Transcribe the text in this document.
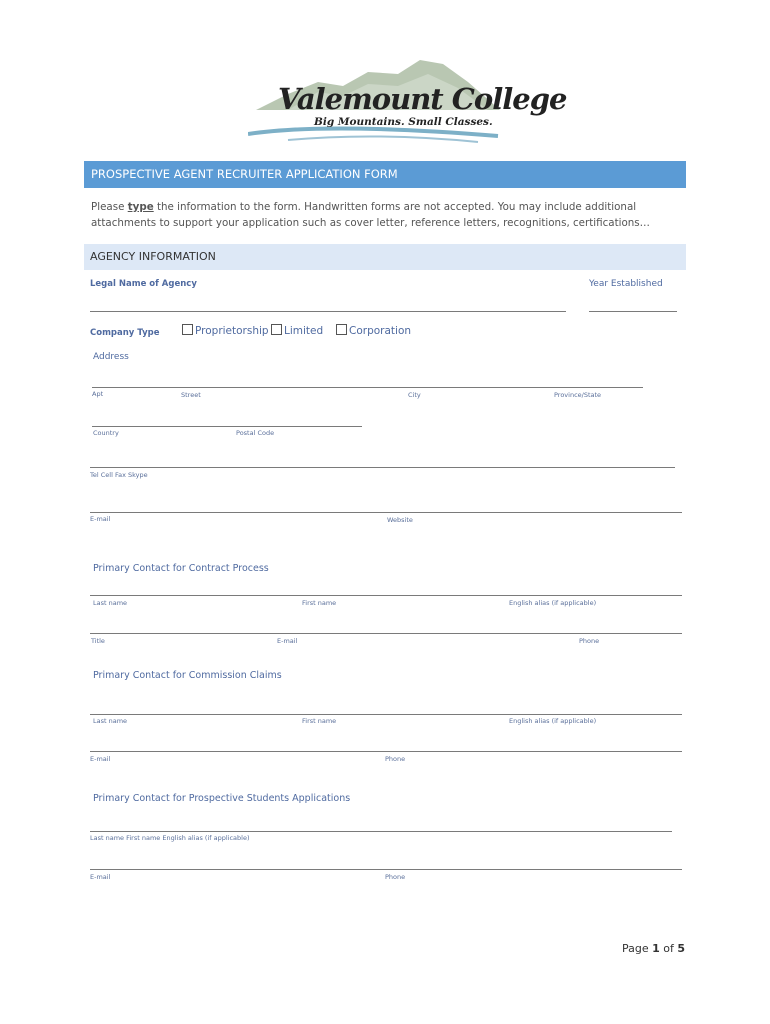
Valemount College
Big Mountains. Small Classes.
PROSPECTIVE AGENT RECRUITER APPLICATION FORM
Please type the information to the form. Handwritten forms are not accepted. You may include additional attachments to support your application such as cover letter, reference letters, recognitions, certifications…
AGENCY INFORMATION
Legal Name of Agency	Year Established
Company Type	Proprietorship	Limited	Corporation
Address
Apt	Street	City	Province/State
Country	Postal Code
Tel Cell Fax Skype
E-mail	Website
Primary Contact for Contract Process
Last name	First name	English alias (if applicable)
Title	E-mail	Phone
Primary Contact for Commission Claims
Last name	First name	English alias (if applicable)
E-mail	Phone
Primary Contact for Prospective Students Applications
Last name First name English alias (if applicable)
E-mail	Phone
Page 1 of 5
